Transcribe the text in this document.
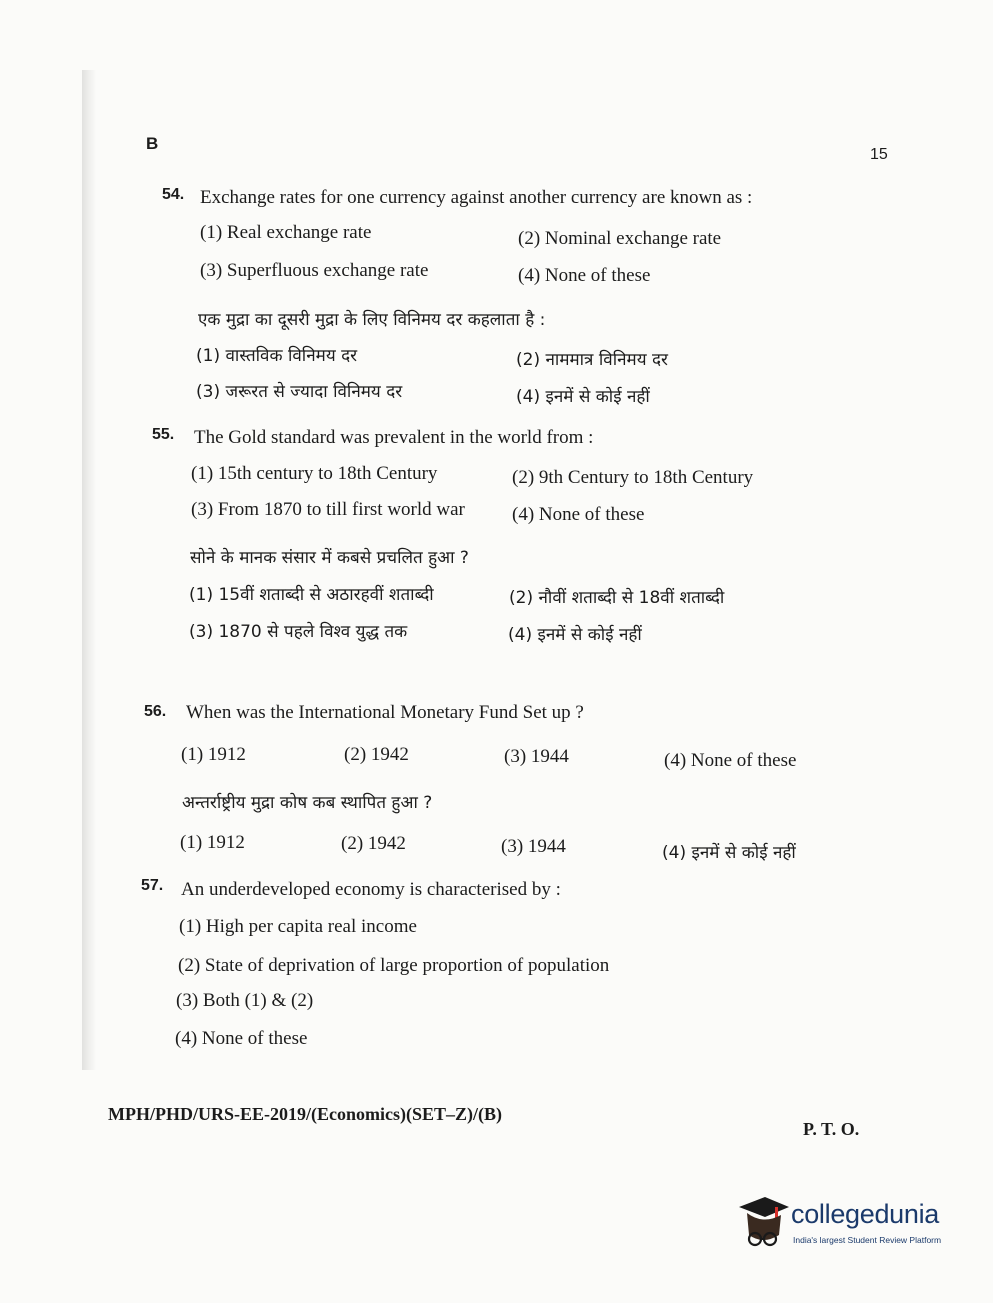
B
15
54. Exchange rates for one currency against another currency are known as :
(1) Real exchange rate	(2) Nominal exchange rate
(3) Superfluous exchange rate	(4) None of these
एक मुद्रा का दूसरी मुद्रा के लिए विनिमय दर कहलाता है :
(1) वास्तविक विनिमय दर	(2) नाममात्र विनिमय दर
(3) जरूरत से ज्यादा विनिमय दर	(4) इनमें से कोई नहीं
55. The Gold standard was prevalent in the world from :
(1) 15th century to 18th Century	(2) 9th Century to 18th Century
(3) From 1870 to till first world war (4) None of these
सोने के मानक संसार में कबसे प्रचलित हुआ ?
(1) 15वीं शताब्दी से अठारहवीं शताब्दी	(2) नौवीं शताब्दी से 18वीं शताब्दी
(3) 1870 से पहले विश्व युद्ध तक	(4) इनमें से कोई नहीं
56. When was the International Monetary Fund Set up ?
(1) 1912	(2) 1942	(3) 1944	(4) None of these
अन्तर्राष्ट्रीय मुद्रा कोष कब स्थापित हुआ ?
(1) 1912	(2) 1942	(3) 1944	(4) इनमें से कोई नहीं
57. An underdeveloped economy is characterised by :
(1) High per capita real income
(2) State of deprivation of large proportion of population
(3) Both (1) & (2)
(4) None of these
MPH/PHD/URS-EE-2019/(Economics)(SET–Z)/(B)
P. T. O.
collegedunia
India's largest Student Review Platform
